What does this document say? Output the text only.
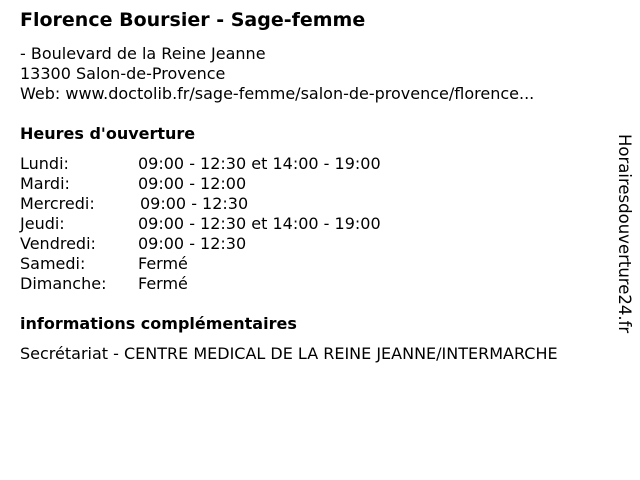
Florence Boursier - Sage-femme
- Boulevard de la Reine Jeanne
13300 Salon-de-Provence
Web: www.doctolib.fr/sage-femme/salon-de-provence/florence...
Heures d'ouverture
Lundi:	09:00 - 12:30 et 14:00 - 19:00
Mardi:	09:00 - 12:00
Mercredi:	09:00 - 12:30
Jeudi:	09:00 - 12:30 et 14:00 - 19:00
Vendredi:	09:00 - 12:30
Samedi:	Fermé
Dimanche: Fermé
informations complémentaires
Secrétariat - CENTRE MEDICAL DE LA REINE JEANNE/INTERMARCHE
Horairesdouverture24.fr
